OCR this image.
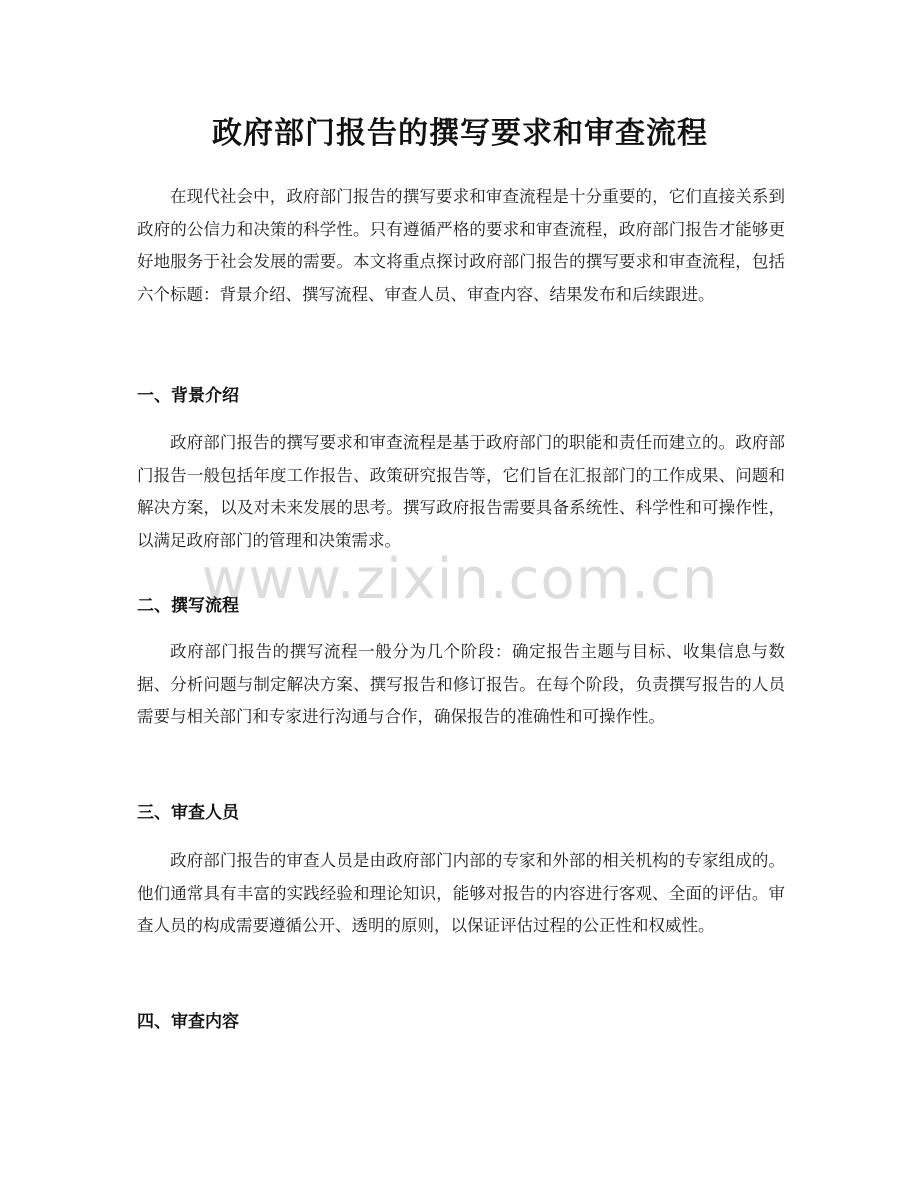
政府部门报告的撰写要求和审查流程

在现代社会中，政府部门报告的撰写要求和审查流程是十分重要的，它们直接关系到政府的公信力和决策的科学性。只有遵循严格的要求和审查流程，政府部门报告才能够更好地服务于社会发展的需要。本文将重点探讨政府部门报告的撰写要求和审查流程，包括六个标题：背景介绍、撰写流程、审查人员、审查内容、结果发布和后续跟进。

一、背景介绍

政府部门报告的撰写要求和审查流程是基于政府部门的职能和责任而建立的。政府部门报告一般包括年度工作报告、政策研究报告等，它们旨在汇报部门的工作成果、问题和解决方案，以及对未来发展的思考。撰写政府报告需要具备系统性、科学性和可操作性，以满足政府部门的管理和决策需求。

二、撰写流程

政府部门报告的撰写流程一般分为几个阶段：确定报告主题与目标、收集信息与数据、分析问题与制定解决方案、撰写报告和修订报告。在每个阶段，负责撰写报告的人员需要与相关部门和专家进行沟通与合作，确保报告的准确性和可操作性。

三、审查人员

政府部门报告的审查人员是由政府部门内部的专家和外部的相关机构的专家组成的。他们通常具有丰富的实践经验和理论知识，能够对报告的内容进行客观、全面的评估。审查人员的构成需要遵循公开、透明的原则，以保证评估过程的公正性和权威性。

四、审查内容
www.zixin.com.cn
